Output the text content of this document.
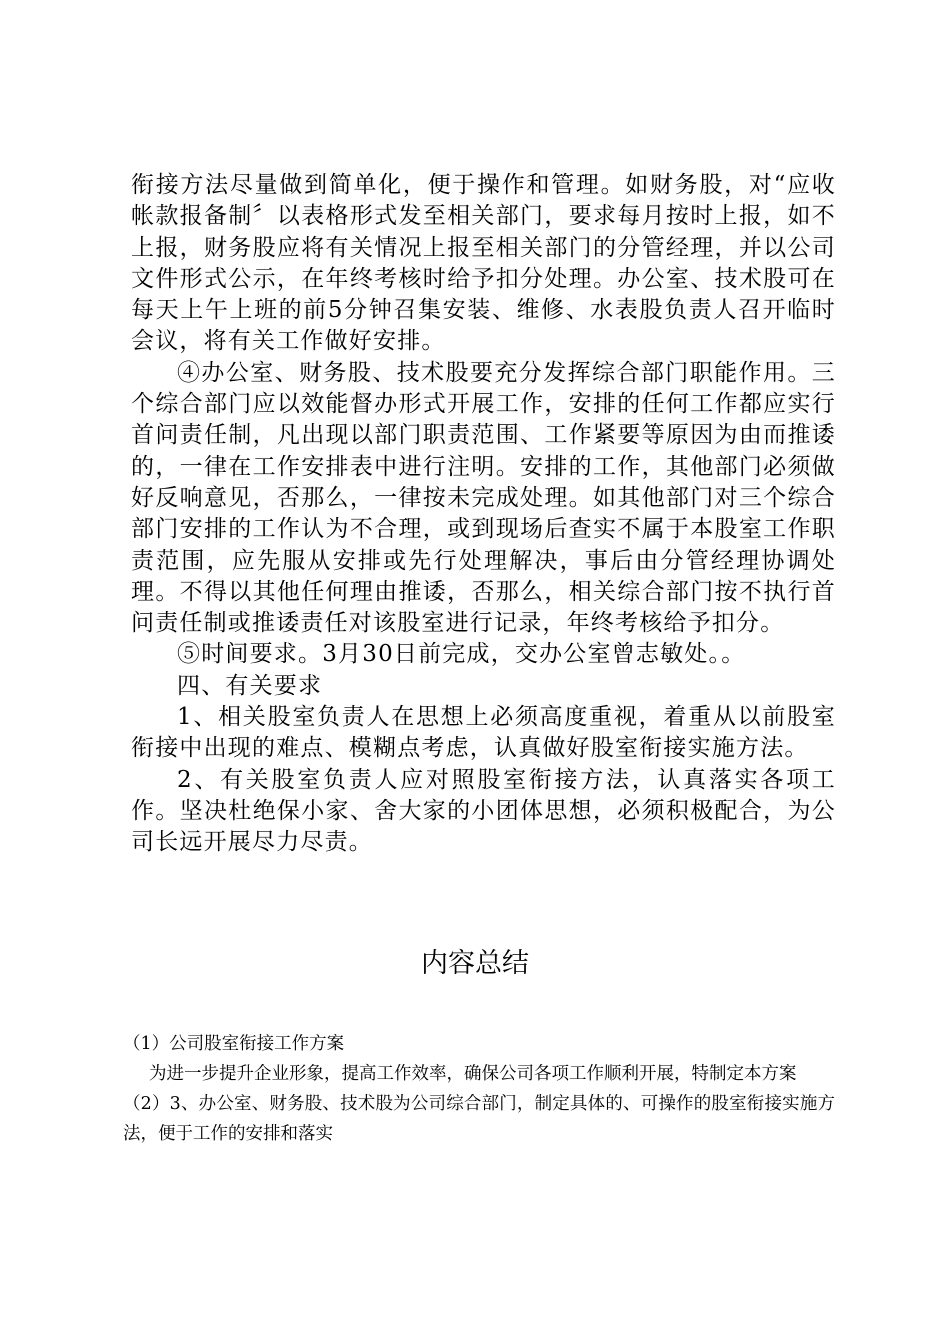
衔接方法尽量做到简单化，便于操作和管理。如财务股，对“应收帐款报备制〞以表格形式发至相关部门，要求每月按时上报，如不上报，财务股应将有关情况上报至相关部门的分管经理，并以公司文件形式公示，在年终考核时给予扣分处理。办公室、技术股可在每天上午上班的前5分钟召集安装、维修、水表股负责人召开临时会议，将有关工作做好安排。

④办公室、财务股、技术股要充分发挥综合部门职能作用。三个综合部门应以效能督办形式开展工作，安排的任何工作都应实行首问责任制，凡出现以部门职责范围、工作紧要等原因为由而推诿的，一律在工作安排表中进行注明。安排的工作，其他部门必须做好反响意见，否那么，一律按未完成处理。如其他部门对三个综合部门安排的工作认为不合理，或到现场后查实不属于本股室工作职责范围，应先服从安排或先行处理解决，事后由分管经理协调处理。不得以其他任何理由推诿，否那么，相关综合部门按不执行首问责任制或推诿责任对该股室进行记录，年终考核给予扣分。

⑤时间要求。3月30日前完成，交办公室曾志敏处。。

四、有关要求

1、相关股室负责人在思想上必须高度重视，着重从以前股室衔接中出现的难点、模糊点考虑，认真做好股室衔接实施方法。

2、有关股室负责人应对照股室衔接方法，认真落实各项工作。坚决杜绝保小家、舍大家的小团体思想，必须积极配合，为公司长远开展尽力尽责。

内容总结

（1）公司股室衔接工作方案

为进一步提升企业形象，提高工作效率，确保公司各项工作顺利开展，特制定本方案

（2）3、办公室、财务股、技术股为公司综合部门，制定具体的、可操作的股室衔接实施方法，便于工作的安排和落实
